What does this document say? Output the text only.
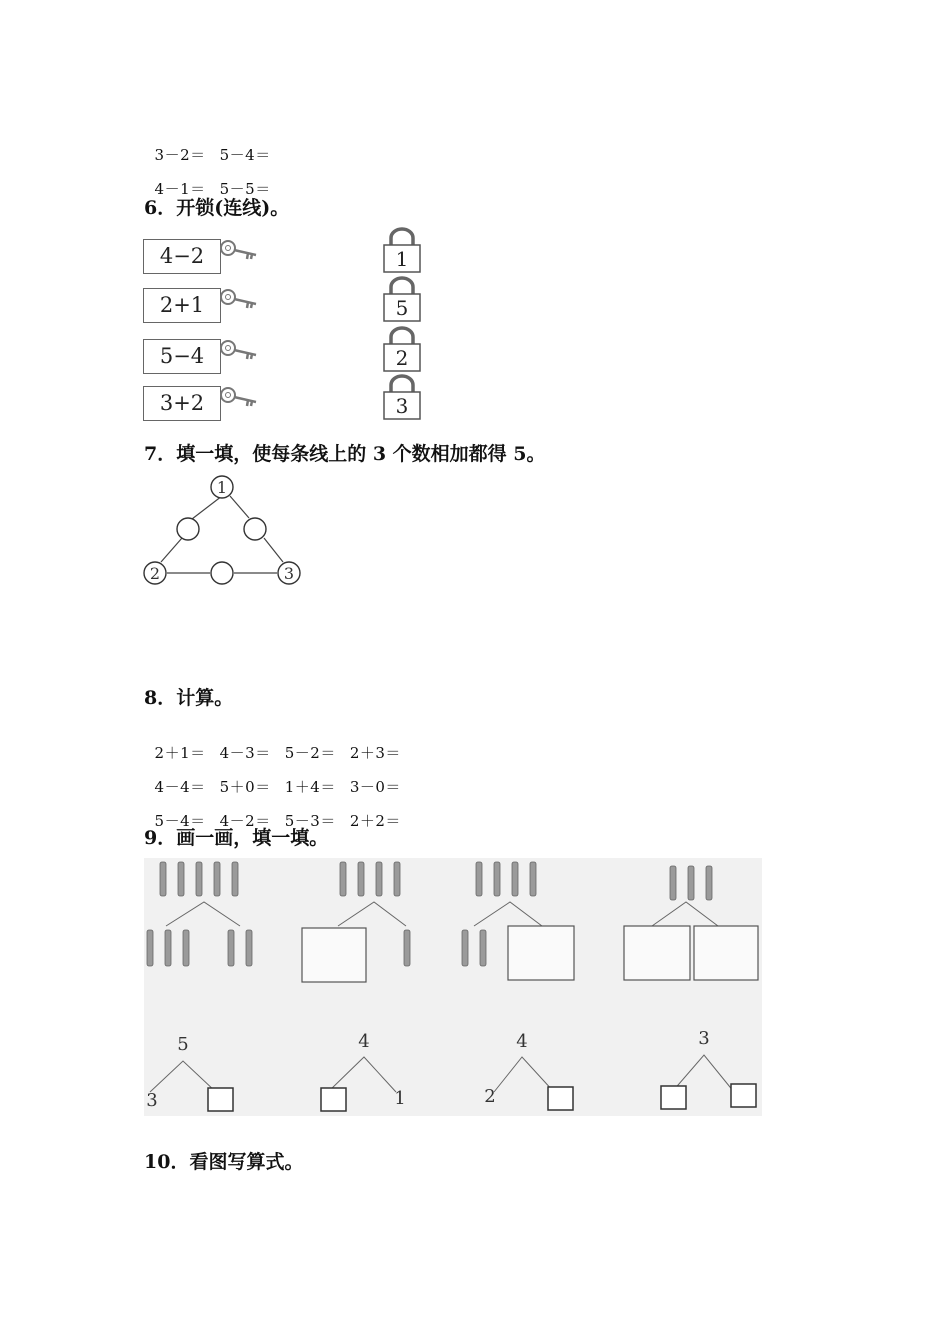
3－2＝ 5－4＝

4－1＝ 5－5＝

6．开锁(连线)。
4−2
2+1
5−4
3+2
1
5
2
3
7．填一填，使每条线上的 3 个数相加都得 5。
1
2	3
8．计算。

2＋1＝ 4－3＝ 5－2＝ 2＋3＝

4－4＝ 5＋0＝ 1＋4＝ 3－0＝

5－4＝ 4－2＝ 5－3＝ 2＋2＝

9．画一画，填一填。
5
3
4
1
4
2
3
10．看图写算式。
